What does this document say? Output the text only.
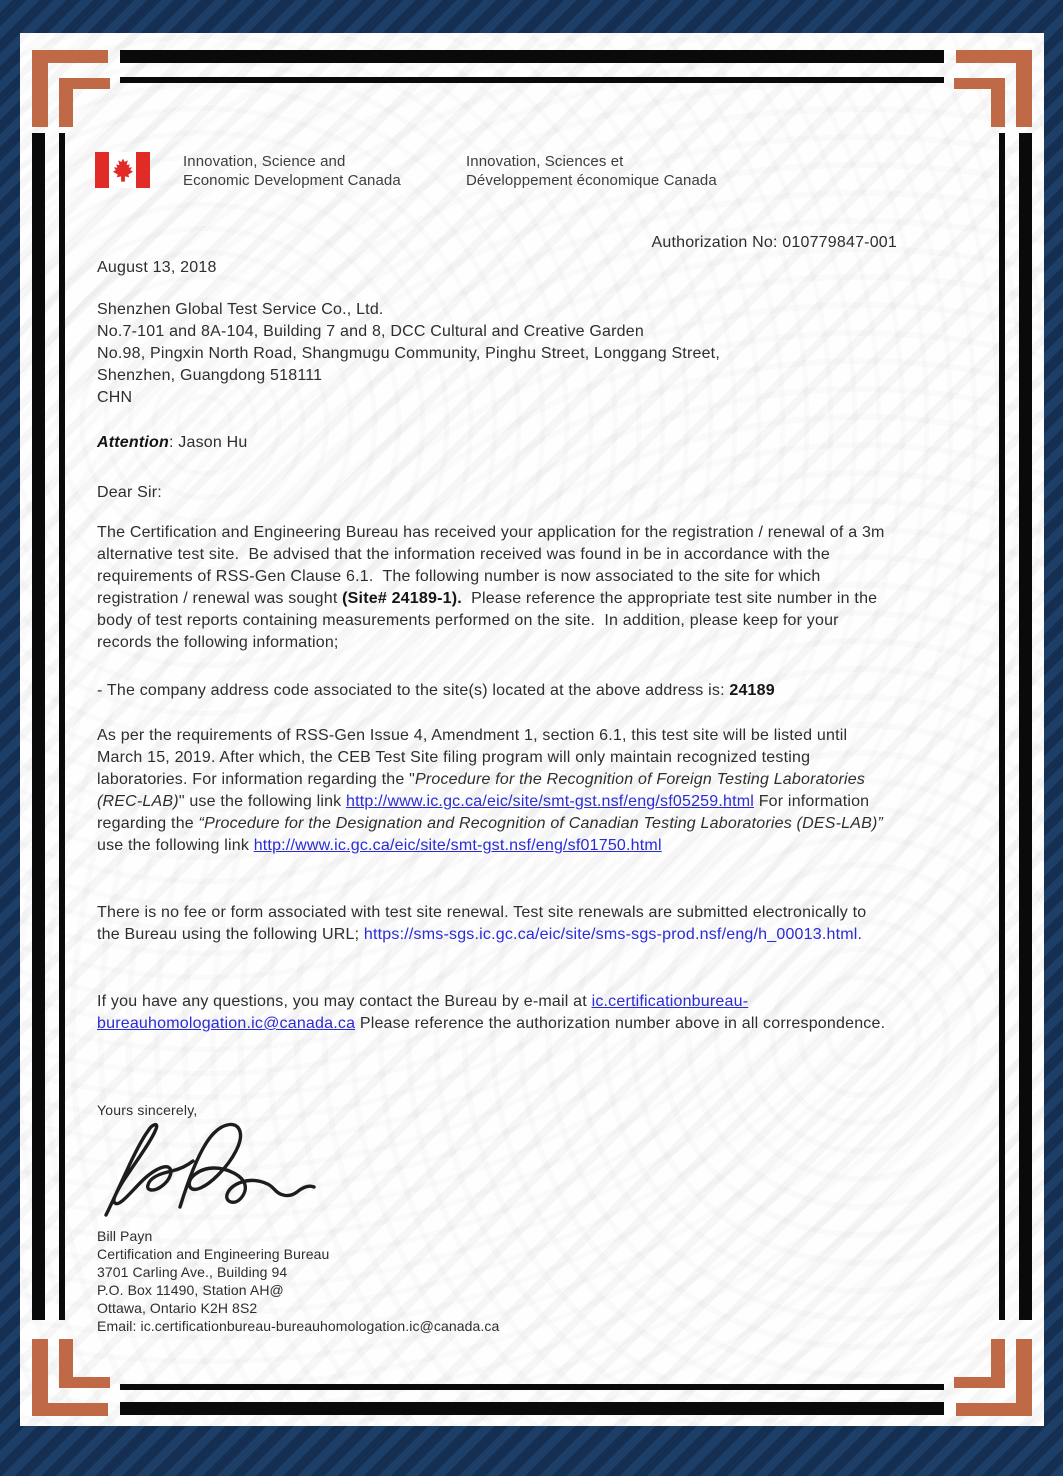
Innovation, Science and
Economic Development Canada
Innovation, Sciences et
Développement économique Canada
Authorization No: 010779847-001
August 13, 2018
Shenzhen Global Test Service Co., Ltd.
No.7-101 and 8A-104, Building 7 and 8, DCC Cultural and Creative Garden
No.98, Pingxin North Road, Shangmugu Community, Pinghu Street, Longgang Street,
Shenzhen, Guangdong 518111
CHN
Attention: Jason Hu
Dear Sir:
The Certification and Engineering Bureau has received your application for the registration / renewal of a 3m alternative test site.  Be advised that the information received was found in be in accordance with the requirements of RSS-Gen Clause 6.1.  The following number is now associated to the site for which registration / renewal was sought (Site# 24189-1).  Please reference the appropriate test site number in the body of test reports containing measurements performed on the site.  In addition, please keep for your records the following information;
- The company address code associated to the site(s) located at the above address is: 24189
As per the requirements of RSS-Gen Issue 4, Amendment 1, section 6.1, this test site will be listed until March 15, 2019. After which, the CEB Test Site filing program will only maintain recognized testing laboratories. For information regarding the "Procedure for the Recognition of Foreign Testing Laboratories (REC-LAB)" use the following link http://www.ic.gc.ca/eic/site/smt-gst.nsf/eng/sf05259.html For information regarding the “Procedure for the Designation and Recognition of Canadian Testing Laboratories (DES-LAB)” use the following link http://www.ic.gc.ca/eic/site/smt-gst.nsf/eng/sf01750.html
There is no fee or form associated with test site renewal. Test site renewals are submitted electronically to the Bureau using the following URL; https://sms-sgs.ic.gc.ca/eic/site/sms-sgs-prod.nsf/eng/h_00013.html.
If you have any questions, you may contact the Bureau by e-mail at ic.certificationbureau-bureauhomologation.ic@canada.ca Please reference the authorization number above in all correspondence.
Yours sincerely,
Bill Payn
Certification and Engineering Bureau
3701 Carling Ave., Building 94
P.O. Box 11490, Station AH@
Ottawa, Ontario K2H 8S2
Email: ic.certificationbureau-bureauhomologation.ic@canada.ca
